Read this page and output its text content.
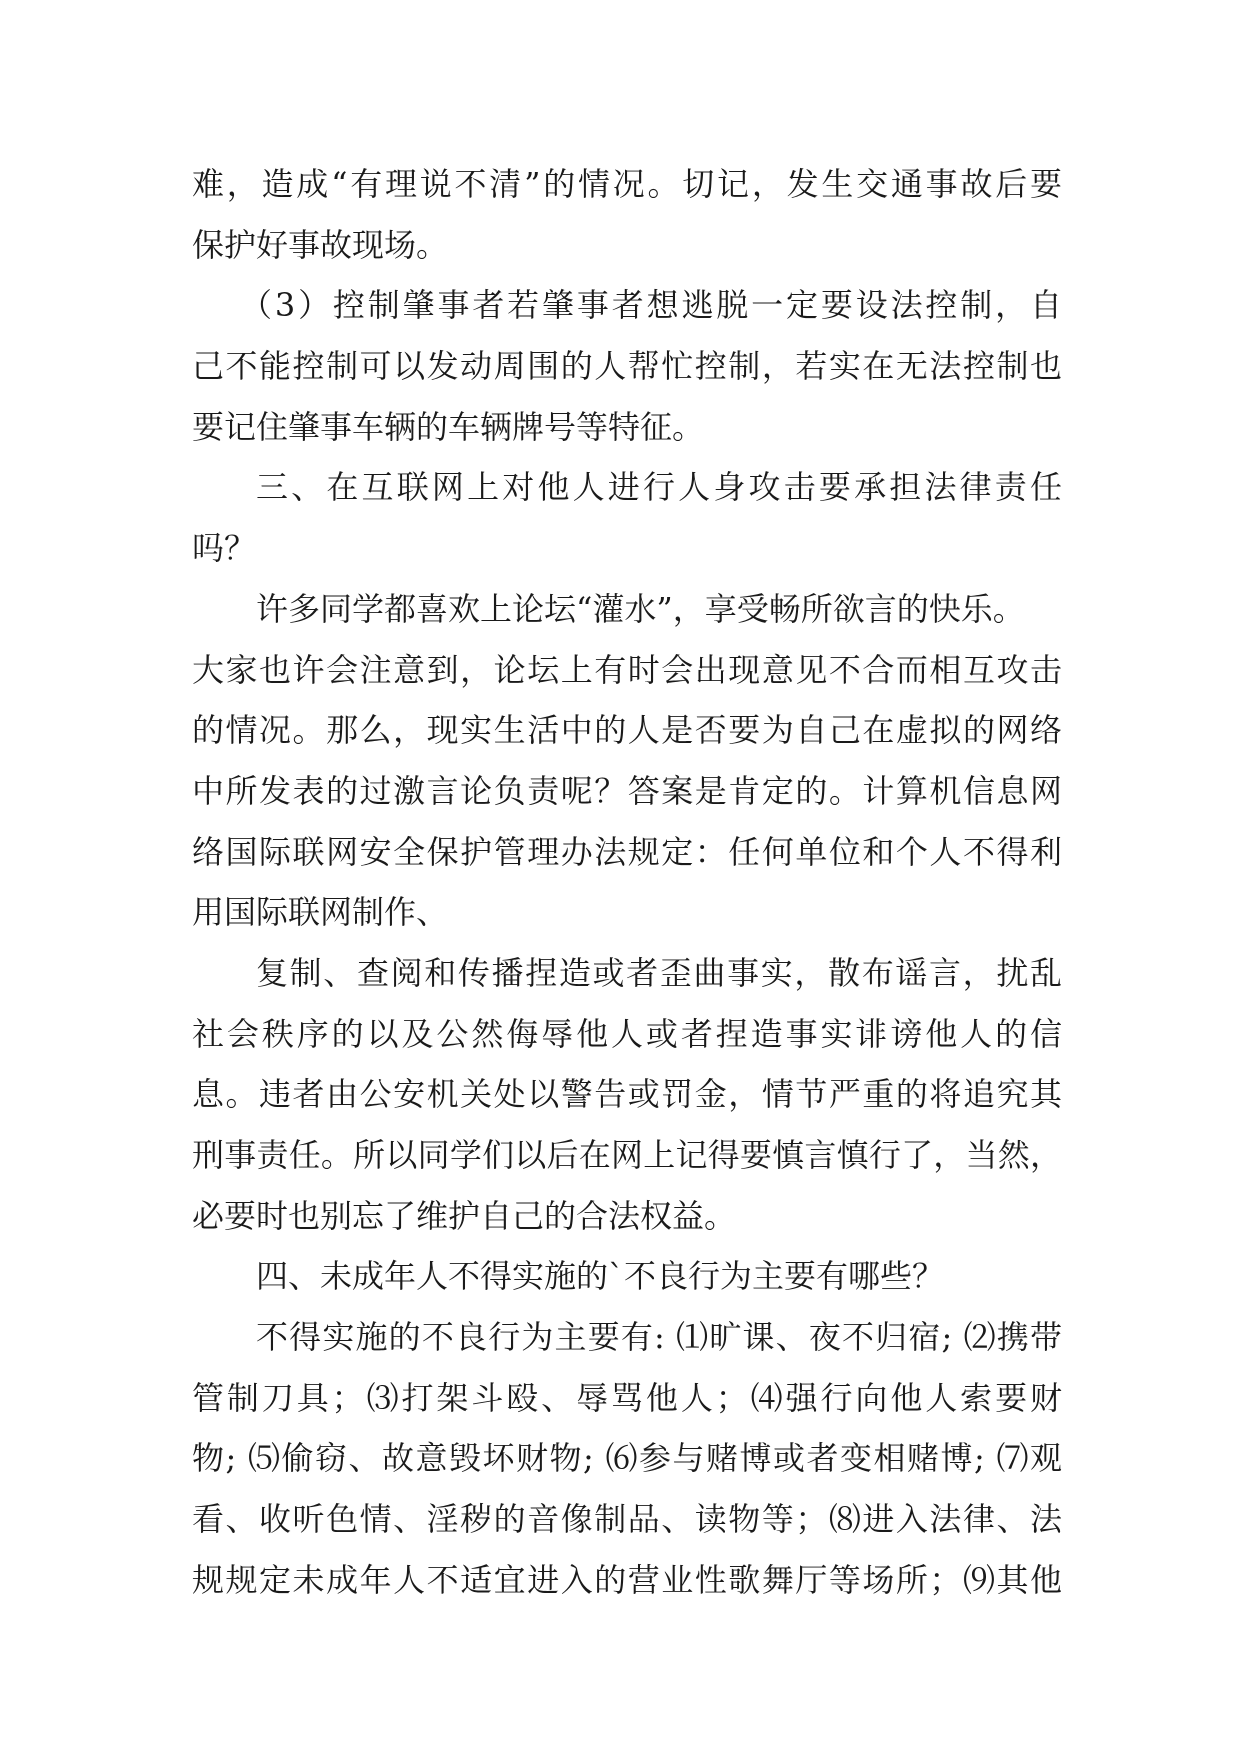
难，造成“有理说不清”的情况。切记，发生交通事故后要
保护好事故现场。
（3）控制肇事者若肇事者想逃脱一定要设法控制，自
己不能控制可以发动周围的人帮忙控制，若实在无法控制也
要记住肇事车辆的车辆牌号等特征。
三、在互联网上对他人进行人身攻击要承担法律责任
吗？
许多同学都喜欢上论坛“灌水”，享受畅所欲言的快乐。
大家也许会注意到，论坛上有时会出现意见不合而相互攻击
的情况。那么，现实生活中的人是否要为自己在虚拟的网络
中所发表的过激言论负责呢？答案是肯定的。计算机信息网
络国际联网安全保护管理办法规定：任何单位和个人不得利
用国际联网制作、
复制、查阅和传播捏造或者歪曲事实，散布谣言，扰乱
社会秩序的以及公然侮辱他人或者捏造事实诽谤他人的信
息。违者由公安机关处以警告或罚金，情节严重的将追究其
刑事责任。所以同学们以后在网上记得要慎言慎行了，当然，
必要时也别忘了维护自己的合法权益。
四、未成年人不得实施的`不良行为主要有哪些？
不得实施的不良行为主要有: ⑴旷课、夜不归宿; ⑵携带
管制刀具；⑶打架斗殴、辱骂他人；⑷强行向他人索要财
物; ⑸偷窃、故意毁坏财物; ⑹参与赌博或者变相赌博; ⑺观
看、收听色情、淫秽的音像制品、读物等；⑻进入法律、法
规规定未成年人不适宜进入的营业性歌舞厅等场所；⑼其他
